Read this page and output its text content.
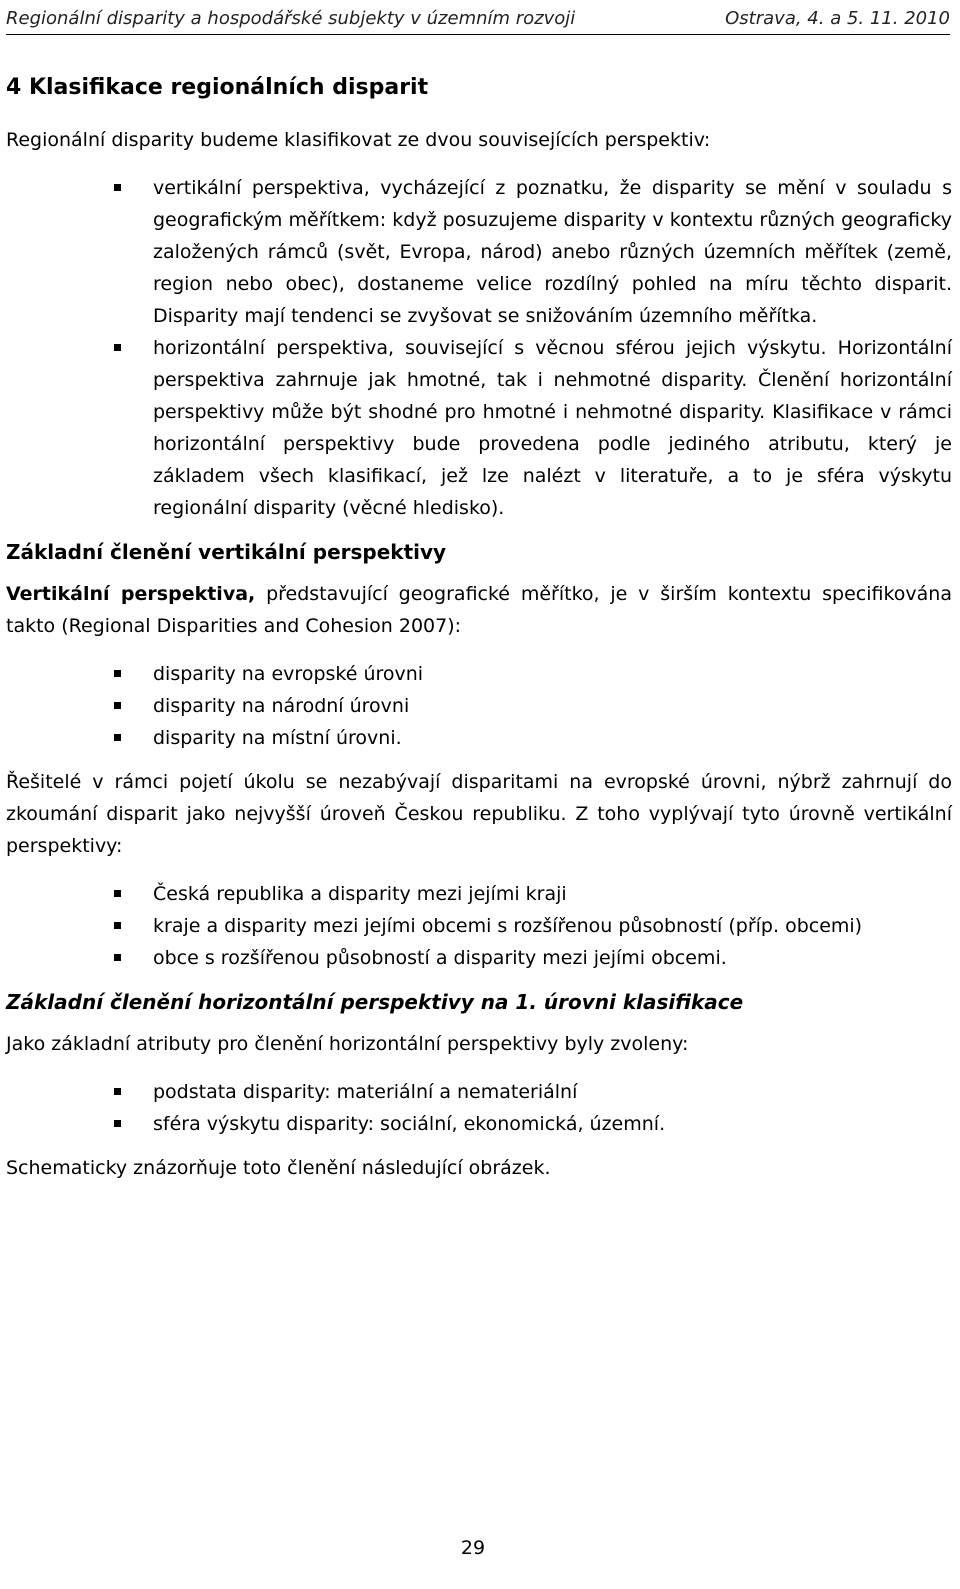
Regionální disparity a hospodářské subjekty v územním rozvoji	Ostrava, 4. a 5. 11. 2010
4 Klasifikace regionálních disparit

Regionální disparity budeme klasifikovat ze dvou souvisejících perspektiv:

vertikální perspektiva, vycházející z poznatku, že disparity se mění v souladu s geografickým měřítkem: když posuzujeme disparity v kontextu různých geograficky založených rámců (svět, Evropa, národ) anebo různých územních měřítek (země, region nebo obec), dostaneme velice rozdílný pohled na míru těchto disparit. Disparity mají tendenci se zvyšovat se snižováním územního měřítka.
horizontální perspektiva, související s věcnou sférou jejich výskytu. Horizontální perspektiva zahrnuje jak hmotné, tak i nehmotné disparity. Členění horizontální perspektivy může být shodné pro hmotné i nehmotné disparity. Klasifikace v rámci horizontální perspektivy bude provedena podle jediného atributu, který je základem všech klasifikací, jež lze nalézt v literatuře, a to je sféra výskytu regionální disparity (věcné hledisko).
Základní členění vertikální perspektivy

Vertikální perspektiva, představující geografické měřítko, je v širším kontextu specifikována takto (Regional Disparities and Cohesion 2007):

disparity na evropské úrovni
disparity na národní úrovni
disparity na místní úrovni.

Řešitelé v rámci pojetí úkolu se nezabývají disparitami na evropské úrovni, nýbrž zahrnují do zkoumání disparit jako nejvyšší úroveň Českou republiku. Z toho vyplývají tyto úrovně vertikální perspektivy:

Česká republika a disparity mezi jejími kraji
kraje a disparity mezi jejími obcemi s rozšířenou působností (příp. obcemi)
obce s rozšířenou působností a disparity mezi jejími obcemi.
Základní členění horizontální perspektivy na 1. úrovni klasifikace

Jako základní atributy pro členění horizontální perspektivy byly zvoleny:

podstata disparity: materiální a nemateriální
sféra výskytu disparity: sociální, ekonomická, územní.

Schematicky znázorňuje toto členění následující obrázek.

29
